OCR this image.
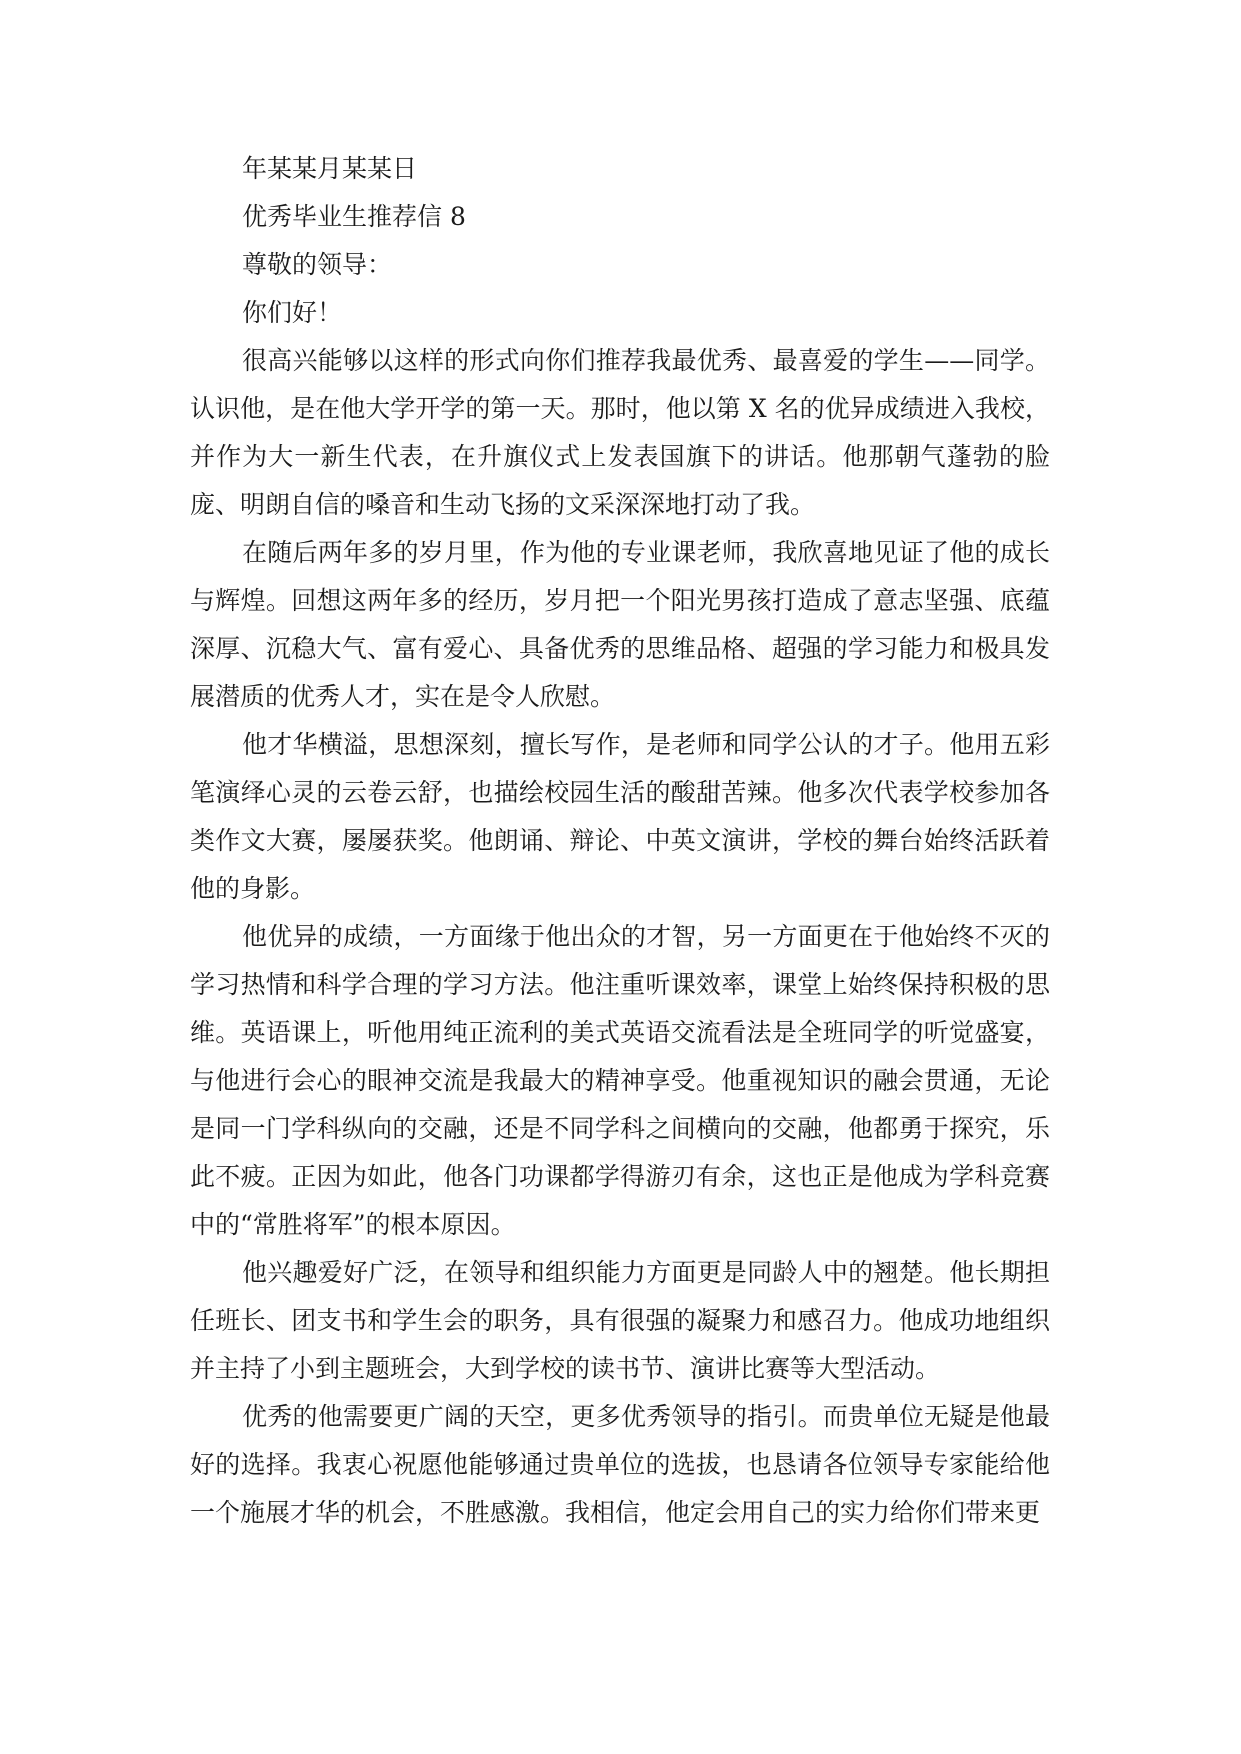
年某某月某某日

优秀毕业生推荐信 8

尊敬的领导：

你们好！

很高兴能够以这样的形式向你们推荐我最优秀、最喜爱的学生——同学。认识他，是在他大学开学的第一天。那时，他以第 X 名的优异成绩进入我校，并作为大一新生代表，在升旗仪式上发表国旗下的讲话。他那朝气蓬勃的脸庞、明朗自信的嗓音和生动飞扬的文采深深地打动了我。

在随后两年多的岁月里，作为他的专业课老师，我欣喜地见证了他的成长与辉煌。回想这两年多的经历，岁月把一个阳光男孩打造成了意志坚强、底蕴深厚、沉稳大气、富有爱心、具备优秀的思维品格、超强的学习能力和极具发展潜质的优秀人才，实在是令人欣慰。

他才华横溢，思想深刻，擅长写作，是老师和同学公认的才子。他用五彩笔演绎心灵的云卷云舒，也描绘校园生活的酸甜苦辣。他多次代表学校参加各类作文大赛，屡屡获奖。他朗诵、辩论、中英文演讲，学校的舞台始终活跃着他的身影。

他优异的成绩，一方面缘于他出众的才智，另一方面更在于他始终不灭的学习热情和科学合理的学习方法。他注重听课效率，课堂上始终保持积极的思维。英语课上，听他用纯正流利的美式英语交流看法是全班同学的听觉盛宴，与他进行会心的眼神交流是我最大的精神享受。他重视知识的融会贯通，无论是同一门学科纵向的交融，还是不同学科之间横向的交融，他都勇于探究，乐此不疲。正因为如此，他各门功课都学得游刃有余，这也正是他成为学科竞赛中的“常胜将军”的根本原因。

他兴趣爱好广泛，在领导和组织能力方面更是同龄人中的翘楚。他长期担任班长、团支书和学生会的职务，具有很强的凝聚力和感召力。他成功地组织并主持了小到主题班会，大到学校的读书节、演讲比赛等大型活动。

优秀的他需要更广阔的天空，更多优秀领导的指引。而贵单位无疑是他最好的选择。我衷心祝愿他能够通过贵单位的选拔，也恳请各位领导专家能给他一个施展才华的机会，不胜感激。我相信，他定会用自己的实力给你们带来更
